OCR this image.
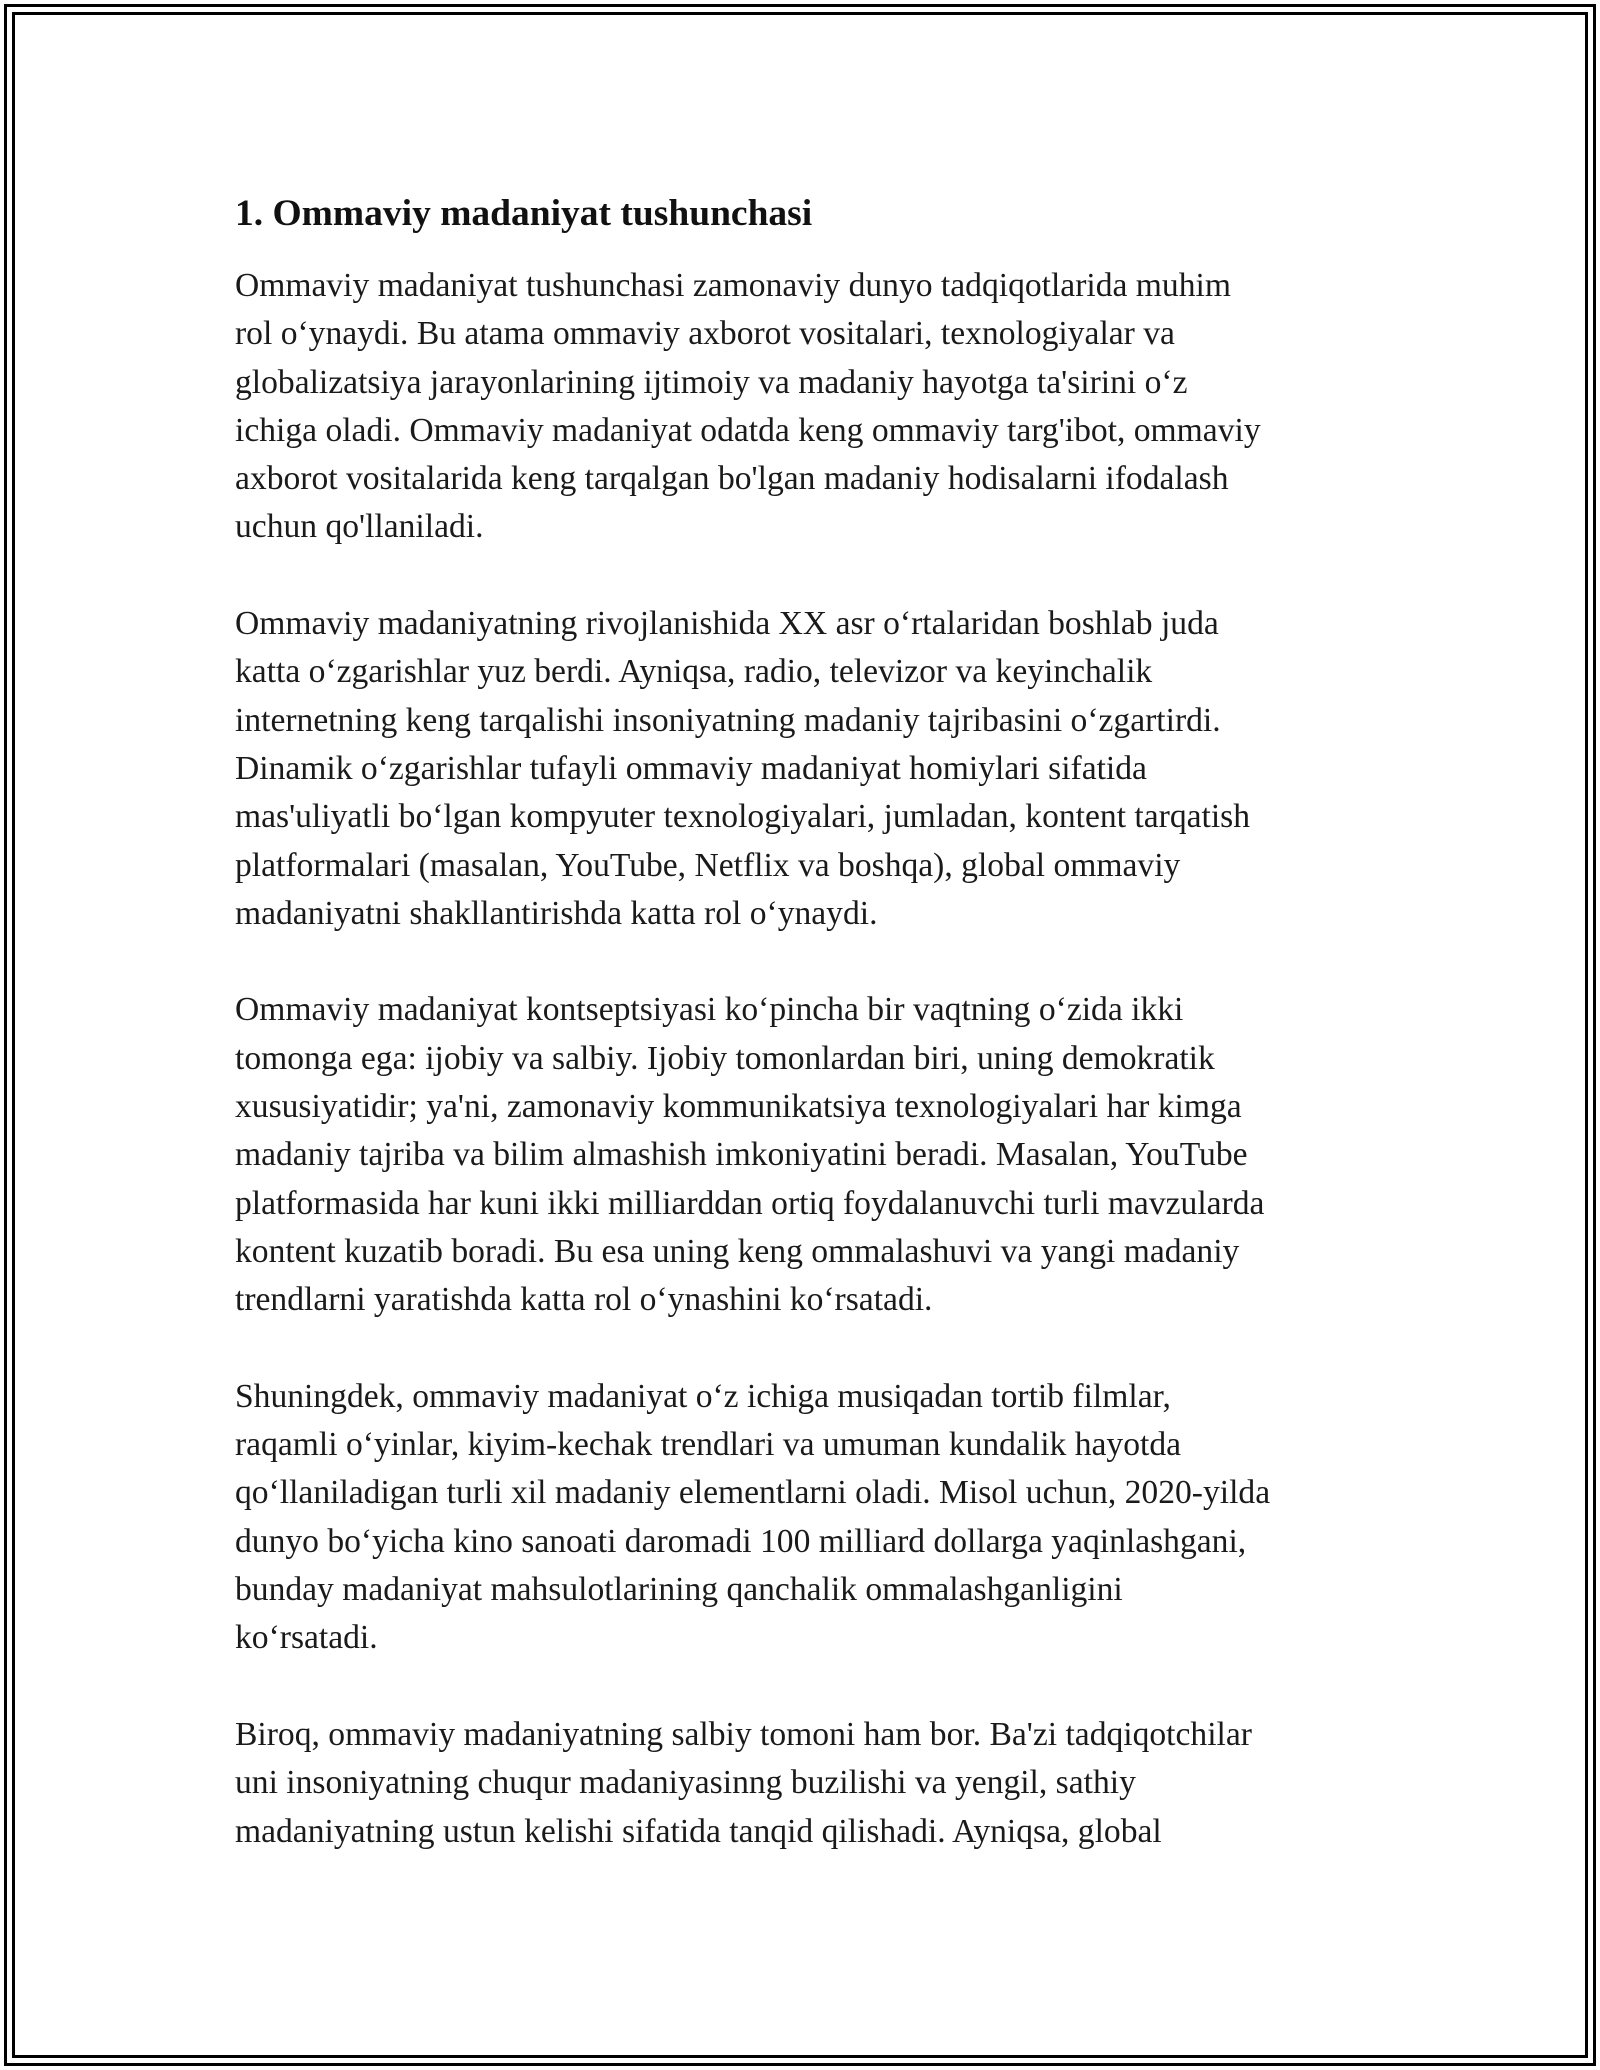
1. Ommaviy madaniyat tushunchasi

Ommaviy madaniyat tushunchasi zamonaviy dunyo tadqiqotlarida muhim
rol oʻynaydi. Bu atama ommaviy axborot vositalari, texnologiyalar va
globalizatsiya jarayonlarining ijtimoiy va madaniy hayotga ta'sirini oʻz
ichiga oladi. Ommaviy madaniyat odatda keng ommaviy targ'ibot, ommaviy
axborot vositalarida keng tarqalgan bo'lgan madaniy hodisalarni ifodalash
uchun qo'llaniladi.

Ommaviy madaniyatning rivojlanishida XX asr oʻrtalaridan boshlab juda
katta oʻzgarishlar yuz berdi. Ayniqsa, radio, televizor va keyinchalik
internetning keng tarqalishi insoniyatning madaniy tajribasini oʻzgartirdi.
Dinamik oʻzgarishlar tufayli ommaviy madaniyat homiylari sifatida
mas'uliyatli boʻlgan kompyuter texnologiyalari, jumladan, kontent tarqatish
platformalari (masalan, YouTube, Netflix va boshqa), global ommaviy
madaniyatni shakllantirishda katta rol oʻynaydi.

Ommaviy madaniyat kontseptsiyasi koʻpincha bir vaqtning oʻzida ikki
tomonga ega: ijobiy va salbiy. Ijobiy tomonlardan biri, uning demokratik
xususiyatidir; ya'ni, zamonaviy kommunikatsiya texnologiyalari har kimga
madaniy tajriba va bilim almashish imkoniyatini beradi. Masalan, YouTube
platformasida har kuni ikki milliarddan ortiq foydalanuvchi turli mavzularda
kontent kuzatib boradi. Bu esa uning keng ommalashuvi va yangi madaniy
trendlarni yaratishda katta rol oʻynashini koʻrsatadi.

Shuningdek, ommaviy madaniyat oʻz ichiga musiqadan tortib filmlar,
raqamli oʻyinlar, kiyim-kechak trendlari va umuman kundalik hayotda
qoʻllaniladigan turli xil madaniy elementlarni oladi. Misol uchun, 2020-yilda
dunyo boʻyicha kino sanoati daromadi 100 milliard dollarga yaqinlashgani,
bunday madaniyat mahsulotlarining qanchalik ommalashganligini
koʻrsatadi.

Biroq, ommaviy madaniyatning salbiy tomoni ham bor. Ba'zi tadqiqotchilar
uni insoniyatning chuqur madaniyasinng buzilishi va yengil, sathiy
madaniyatning ustun kelishi sifatida tanqid qilishadi. Ayniqsa, global
